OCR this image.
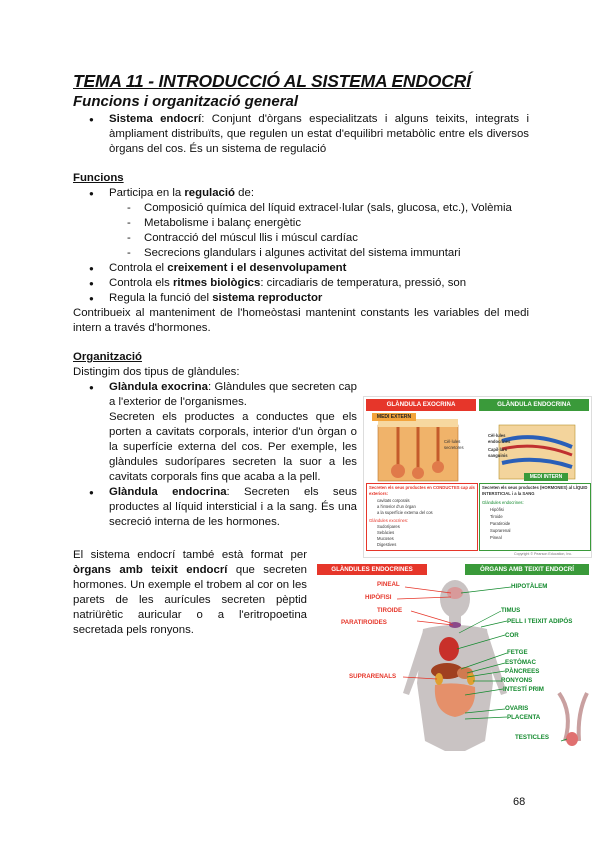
TEMA 11 - INTRODUCCIÓ AL SISTEMA ENDOCRÍ
Funcions i organització general
● Sistema endocrí: Conjunt d'òrgans especialitzats i alguns teixits, integrats i àmpliament distribuïts, que regulen un estat d'equilibri metabòlic entre els diversos òrgans del cos. És un sistema de regulació
Funcions
● Participa en la regulació de:
- Composició química del líquid extracel·lular (sals, glucosa, etc.), Volèmia
- Metabolisme i balanç energètic
- Contracció del múscul llis i múscul cardíac
- Secrecions glandulars i algunes activitat del sistema immuntari
● Controla el creixement i el desenvolupament
● Controla els ritmes biològics: circadiaris de temperatura, pressió, son
● Regula la funció del sistema reproductor
Contribueix al manteniment de l'homeòstasi mantenint constants les variables del medi intern a través d'hormones.
Organització
Distingim dos tipus de glàndules:
● Glàndula exocrina: Glàndules que secreten cap a l'exterior de l'organismes.
Secreten els productes a conductes que els porten a cavitats corporals, interior d'un òrgan o la superfície externa del cos. Per exemple, les glàndules sudorípares secreten la suor a les cavitats corporals fins que acaba a la pell.
● Glàndula endocrina: Secreten els seus productes al líquid intersticial i a la sang. És una secreció interna de les hormones.
El sistema endocrí també està format per òrgans amb teixit endocrí que secreten hormones. Un exemple el trobem al cor on les parets de les aurícules secreten pèptid natriürètic auricular o a l'eritropoetina secretada pels ronyons.
GLÀNDULA EXOCRINA	GLÀNDULA ENDOCRINA
MEDI EXTERN
Cèl·lules secretores
Cèl·lules endocrines
Capil·lars sanguinis
MEDI INTERN
Secreten els seus productes en CONDUCTES cap als exteriors:
cavitats corporals
a l'interior d'un òrgan
a la superfície externa del cos
Glàndules exocrines:
Sudorípares
Sebàcies
Mucoses
Digestives
Secreten els seus productes (HORMONES) al LÍQUID INTERSTICIAL i a la SANG
Glàndules endocrines:
Hipòfisi
Tiroide
Paratiroide
Suprarenal
Pineal
Copyright © Pearson Education, Inc.
GLÀNDULES ENDOCRINES	ÒRGANS AMB TEIXIT ENDOCRÍ
PINEAL
HIPÒFISI
TIROIDE
PARATIROIDES
SUPRARENALS
HIPOTÀLEM
TIMUS
PELL I TEIXIT ADIPÓS
COR
FETGE
ESTÒMAC
PÀNCREES
RONYONS
INTESTÍ PRIM
OVARIS
PLACENTA
TESTICLES
68
